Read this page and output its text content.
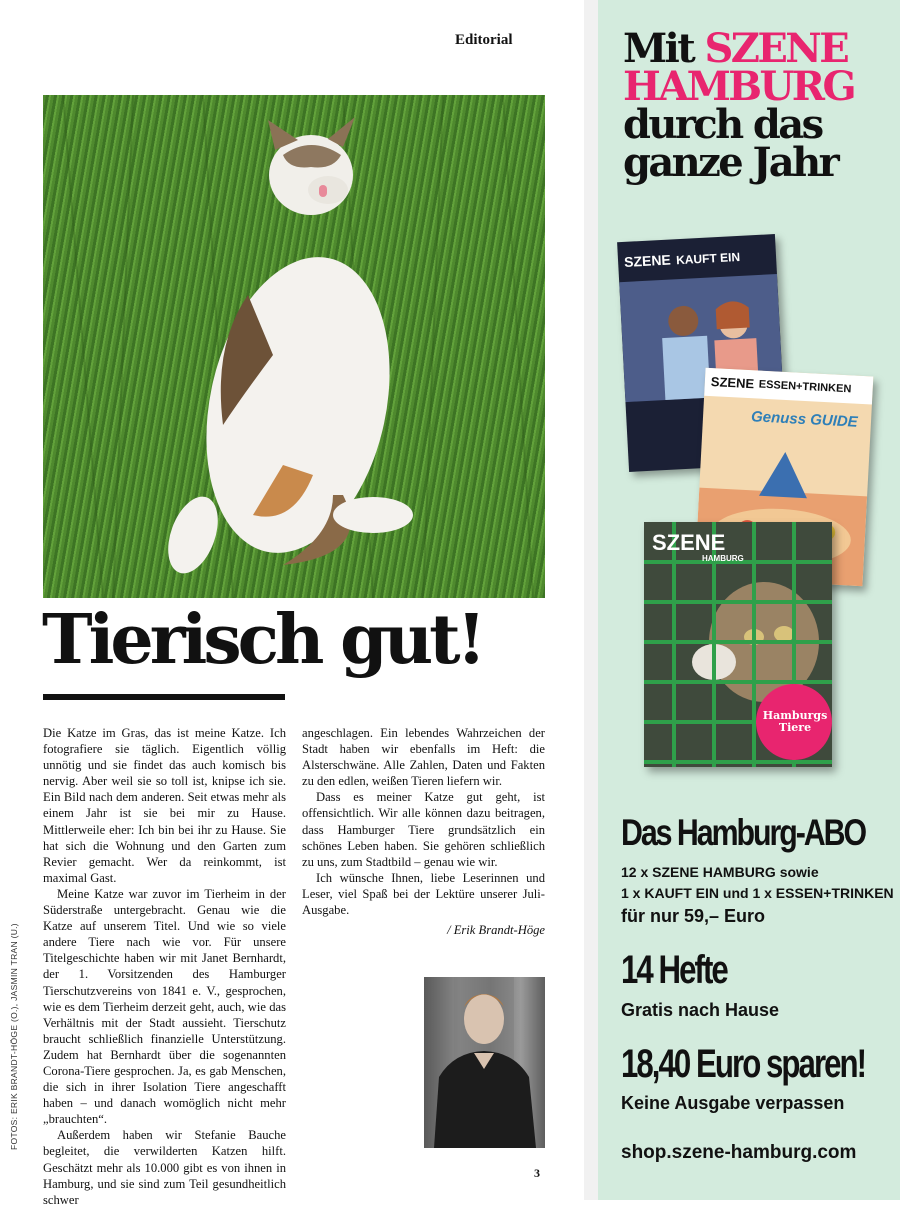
Editorial
Tierisch gut!

Die Katze im Gras, das ist meine Katze. Ich fotografiere sie täglich. Eigentlich völlig unnötig und sie findet das auch komisch bis nervig. Aber weil sie so toll ist, knipse ich sie. Ein Bild nach dem anderen. Seit etwas mehr als einem Jahr ist sie bei mir zu Hause. Mittlerweile eher: Ich bin bei ihr zu Hause. Sie hat sich die Wohnung und den Garten zum Revier gemacht. Wer da reinkommt, ist maximal Gast.

Meine Katze war zuvor im Tierheim in der Süderstraße untergebracht. Genau wie die Katze auf unserem Titel. Und wie so viele andere Tiere nach wie vor. Für unsere Titelgeschichte haben wir mit Janet Bernhardt, der 1. Vorsitzenden des Hamburger Tierschutzvereins von 1841 e. V., gesprochen, wie es dem Tierheim derzeit geht, auch, wie das Verhältnis mit der Stadt aussieht. Tierschutz braucht schließlich finanzielle Unterstützung. Zudem hat Bernhardt über die sogenannten Corona-Tiere gesprochen. Ja, es gab Menschen, die sich in ihrer Isolation Tiere angeschafft haben – und danach womöglich nicht mehr „brauchten“.

Außerdem haben wir Stefanie Bauche begleitet, die verwilderten Katzen hilft. Geschätzt mehr als 10.000 gibt es von ihnen in Hamburg, und sie sind zum Teil gesundheitlich schwer

angeschlagen. Ein lebendes Wahrzeichen der Stadt haben wir ebenfalls im Heft: die Alsterschwäne. Alle Zahlen, Daten und Fakten zu den edlen, weißen Tieren liefern wir.

Dass es meiner Katze gut geht, ist offensichtlich. Wir alle können dazu beitragen, dass Hamburger Tiere grundsätzlich ein schönes Leben haben. Sie gehören schließlich zu uns, zum Stadtbild – genau wie wir.

Ich wünsche Ihnen, liebe Leserinnen und Leser, viel Spaß bei der Lektüre unserer Juli-Ausgabe.

/ Erik Brandt-Höge
FOTOS: ERIK BRANDT-HÖGE (O.), JASMIN TRAN (U.)
3
Mit SZENE
HAMBURG
durch das
ganze Jahr
SZENE KAUFT EIN
SZENE ESSEN+TRINKEN
Genuss GUIDE
SZENE
HAMBURG
Hamburgs Tiere
Das Hamburg-ABO
12 x SZENE HAMBURG sowie
1 x KAUFT EIN und 1 x ESSEN+TRINKEN
für nur 59,– Euro
14 Hefte
Gratis nach Hause
18,40 Euro sparen!
Keine Ausgabe verpassen
shop.szene-hamburg.com
